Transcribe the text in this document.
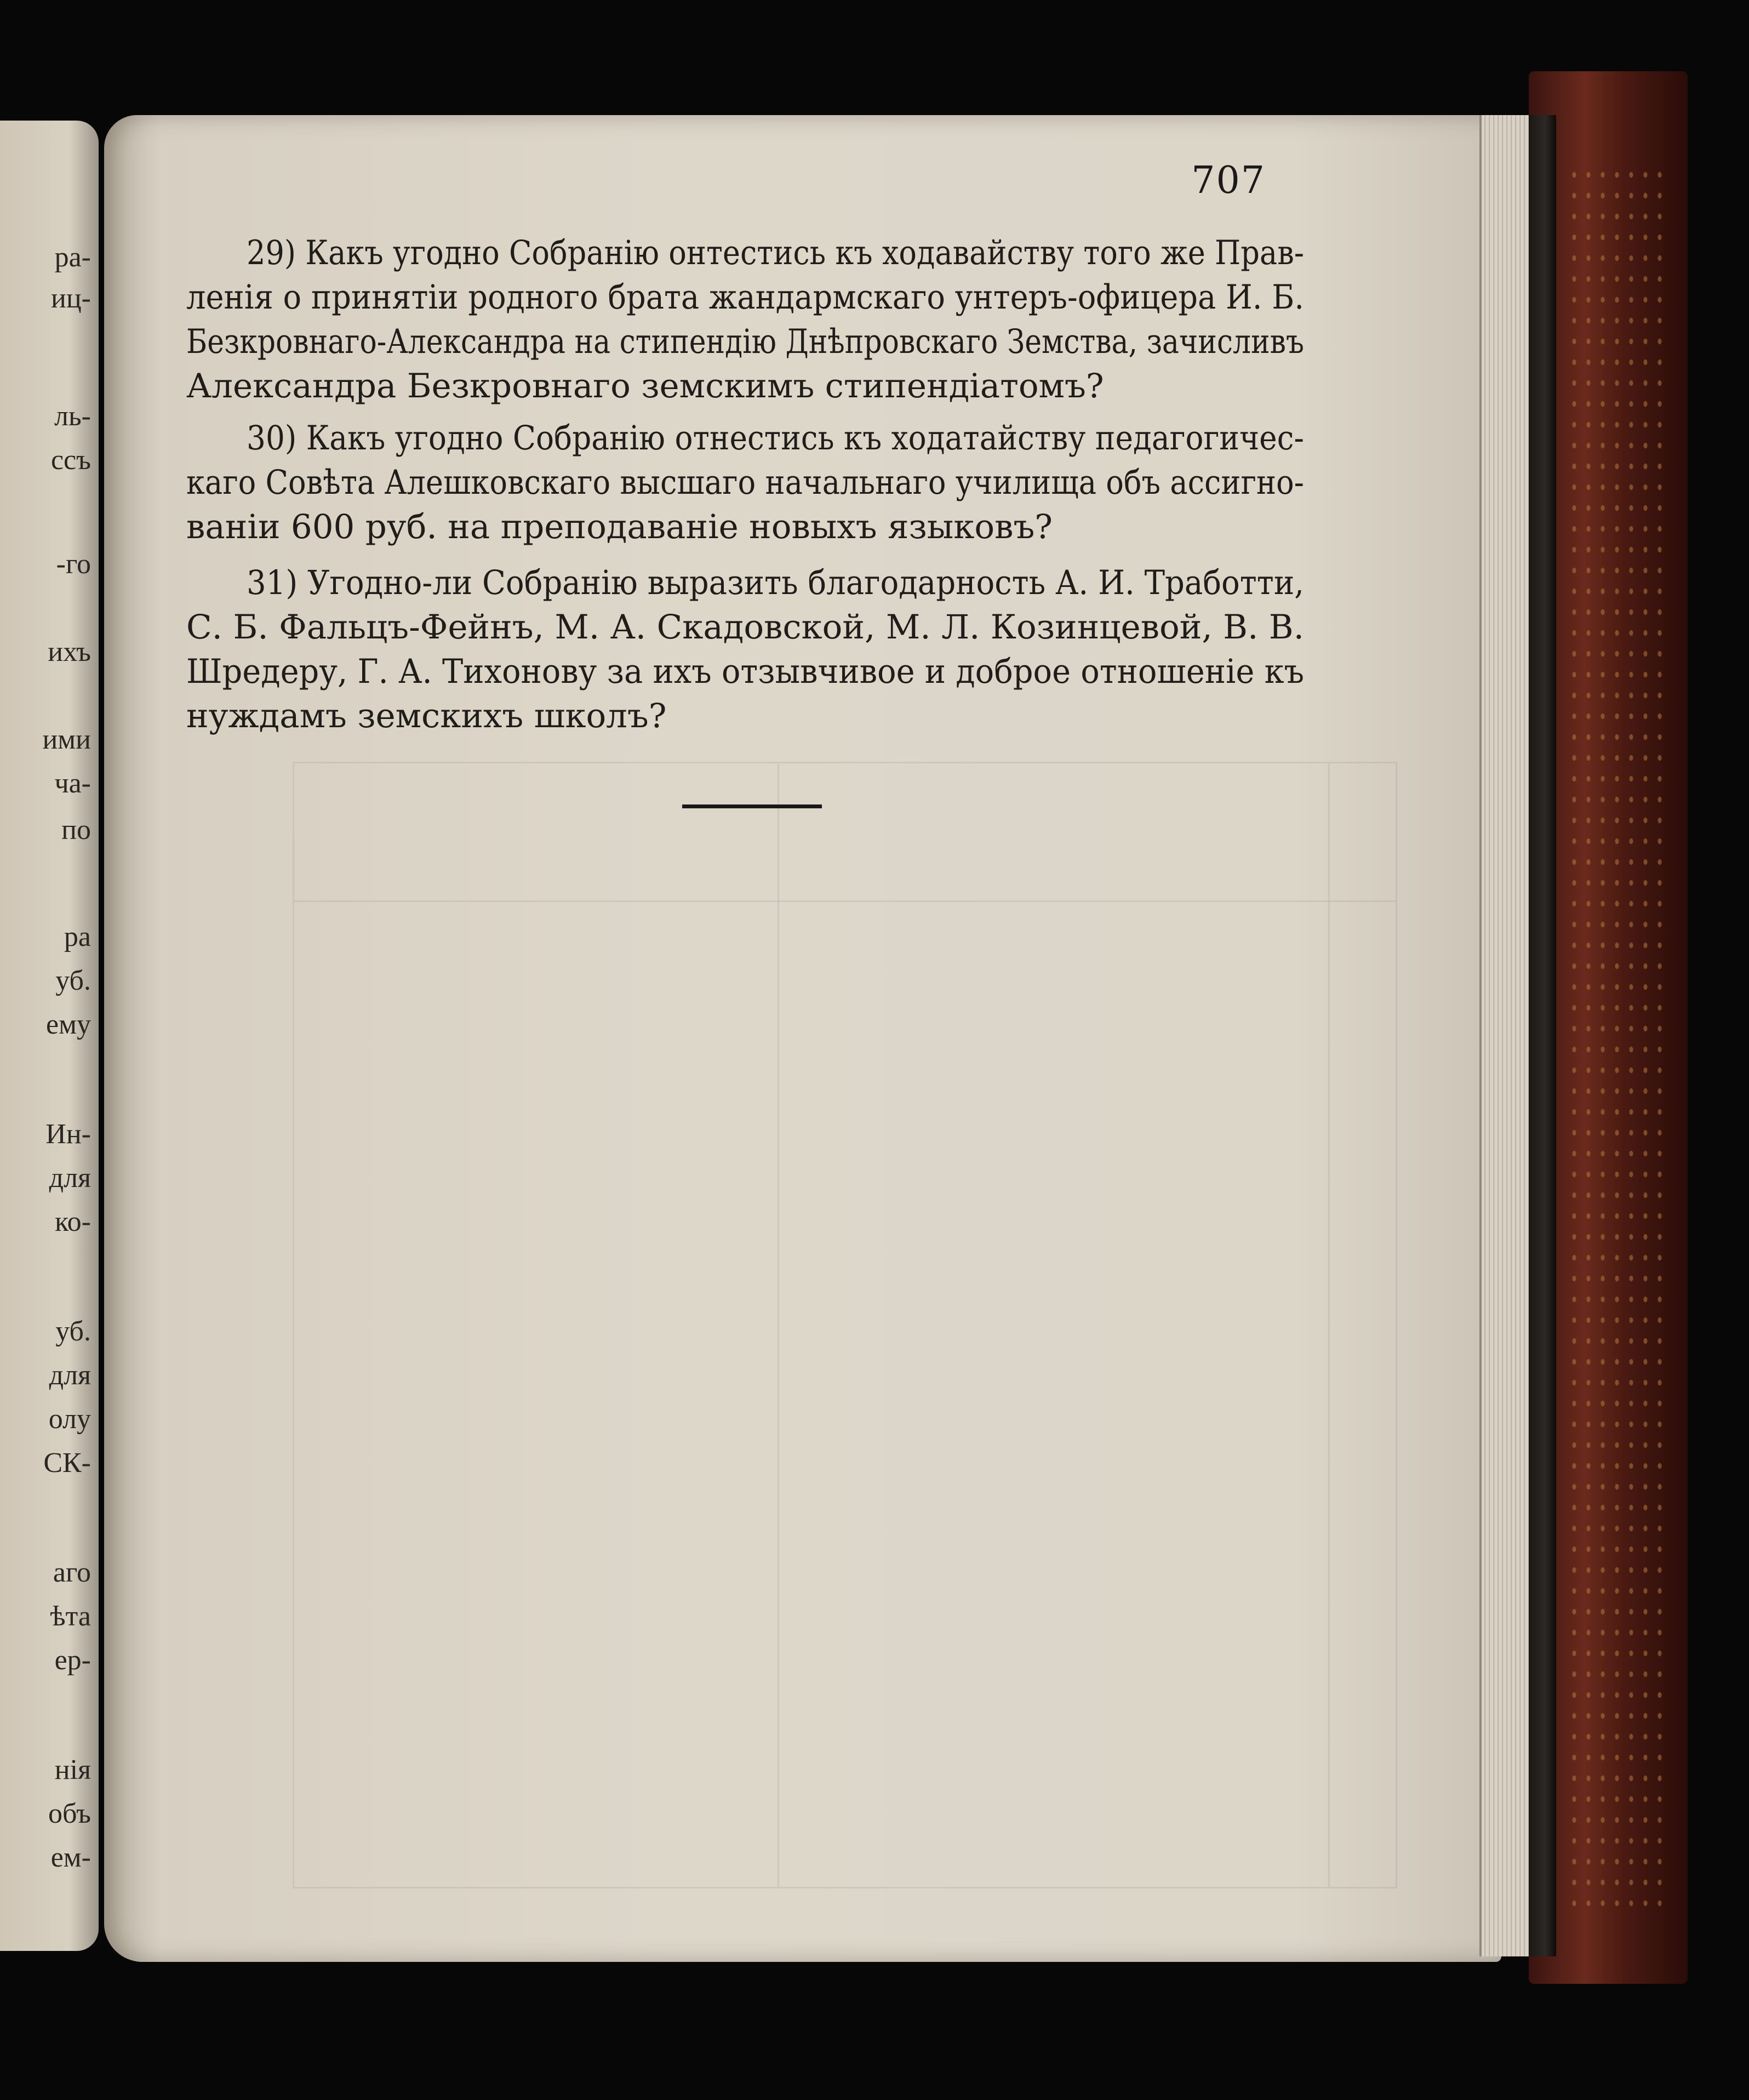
ра-
иц-
ль-
ссъ
-го
ихъ
ими
ча-
по
ра
уб.
ему
Ин-
для
ко-
уб.
для
олу
СК-
аго
ѣта
ер-
нія
объ
ем-
707
29) Какъ угодно Собранію онтестись къ ходавайству того же Прав-
ленія о принятіи родного брата жандармскаго унтеръ-офицера И. Б.
Безкровнаго-Александра на стипендію Днѣпровскаго Земства, зачисливъ
Александра Безкровнаго земскимъ стипендіатомъ?
30) Какъ угодно Собранію отнестись къ ходатайству педагогичес-
каго Совѣта Алешковскаго высшаго начальнаго училища объ ассигно-
ваніи 600 руб. на преподаваніе новыхъ языковъ?
31) Угодно-ли Собранію выразить благодарность А. И. Тработти,
С. Б. Фальцъ-Фейнъ, М. А. Скадовской, М. Л. Козинцевой, В. В.
Шредеру, Г. А. Тихонову за ихъ отзывчивое и доброе отношеніе къ
нуждамъ земскихъ школъ?
